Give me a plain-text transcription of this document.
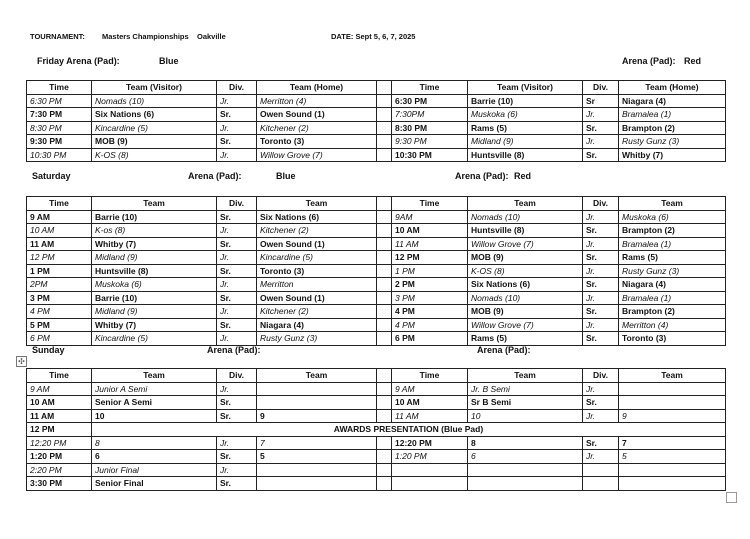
TOURNAMENT: Masters Championships Oakville	DATE: Sept 5, 6, 7, 2025
Friday Arena (Pad):	Blue	Arena (Pad): Red
Time	Team (Visitor)	Div.	Team (Home)		Time	Team (Visitor)	Div.	Team (Home)
6:30 PM	Nomads (10)	Jr.	Merritton (4)		6:30 PM	Barrie (10)	Sr	Niagara (4)
7:30 PM	Six Nations (6)	Sr.	Owen Sound (1)		7:30PM	Muskoka (6)	Jr.	Bramalea (1)
8:30 PM	Kincardine (5)	Jr.	Kitchener (2)		8:30 PM	Rams (5)	Sr.	Brampton (2)
9:30 PM	MOB (9)	Sr.	Toronto (3)		9:30 PM	Midland (9)	Jr.	Rusty Gunz (3)
10:30 PM	K-OS (8)	Jr.	Willow Grove (7)		10:30 PM	Huntsville (8)	Sr.	Whitby (7)
Saturday	Arena (Pad):	Blue	Arena (Pad): Red
Time	Team	Div.	Team		Time	Team	Div.	Team
9 AM	Barrie (10)	Sr.	Six Nations (6)		9AM	Nomads (10)	Jr.	Muskoka (6)
10 AM	K-os (8)	Jr.	Kitchener (2)		10 AM	Huntsville (8)	Sr.	Brampton (2)
11 AM	Whitby (7)	Sr.	Owen Sound (1)		11 AM	Willow Grove (7)	Jr.	Bramalea (1)
12 PM	Midland (9)	Jr.	Kincardine (5)		12 PM	MOB (9)	Sr.	Rams (5)
1 PM	Huntsville (8)	Sr.	Toronto (3)		1 PM	K-OS (8)	Jr.	Rusty Gunz (3)
2PM	Muskoka (6)	Jr.	Merritton		2 PM	Six Nations (6)	Sr.	Niagara (4)
3 PM	Barrie (10)	Sr.	Owen Sound (1)		3 PM	Nomads (10)	Jr.	Bramalea (1)
4 PM	Midland (9)	Jr.	Kitchener (2)		4 PM	MOB (9)	Sr.	Brampton (2)
5 PM	Whitby (7)	Sr.	Niagara (4)		4 PM	Willow Grove (7)	Jr.	Merritton (4)
6 PM	Kincardine (5)	Jr.	Rusty Gunz (3)		6 PM	Rams (5)	Sr.	Toronto (3)
✣
Sunday	Arena (Pad):	Arena (Pad):
Time	Team	Div.	Team		Time	Team	Div.	Team
9 AM	Junior A Semi	Jr.			9 AM	Jr. B Semi	Jr.	
10 AM	Senior A Semi	Sr.			10 AM	Sr B Semi	Sr.	
11 AM	10	Sr.	9		11 AM	10	Jr.	9
12 PM	AWARDS PRESENTATION (Blue Pad)							
12:20 PM	8	Jr.	7		12:20 PM	8	Sr.	7
1:20 PM	6	Sr.	5		1:20 PM	6	Jr.	5
2:20 PM	Junior Final	Jr.						
3:30 PM	Senior Final	Sr.						
